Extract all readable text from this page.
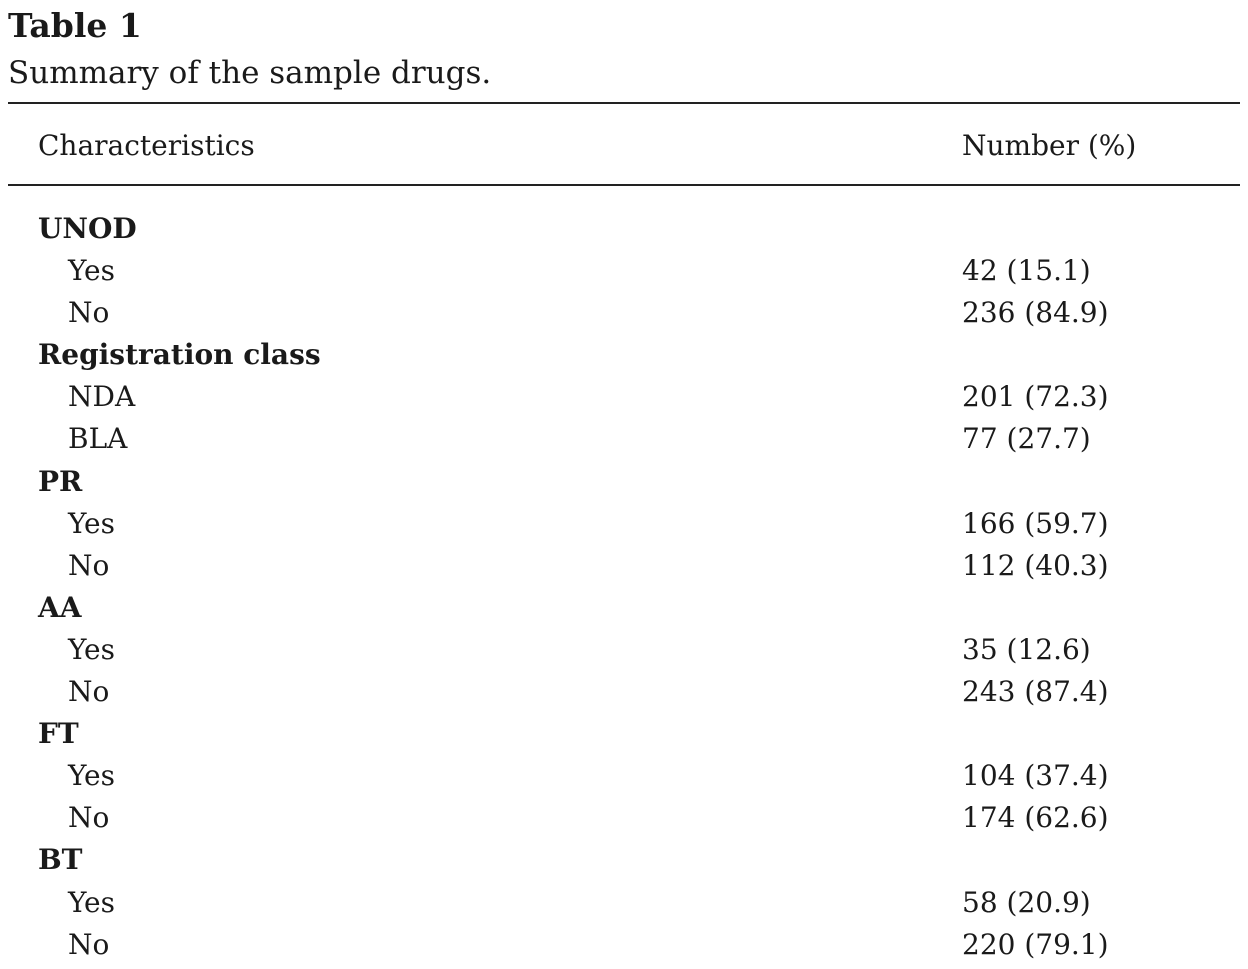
Table 1
Summary of the sample drugs.
Characteristics	Number (%)
UNOD
Yes	42 (15.1)
No	236 (84.9)
Registration class
NDA	201 (72.3)
BLA	77 (27.7)
PR
Yes	166 (59.7)
No	112 (40.3)
AA
Yes	35 (12.6)
No	243 (87.4)
FT
Yes	104 (37.4)
No	174 (62.6)
BT
Yes	58 (20.9)
No	220 (79.1)
